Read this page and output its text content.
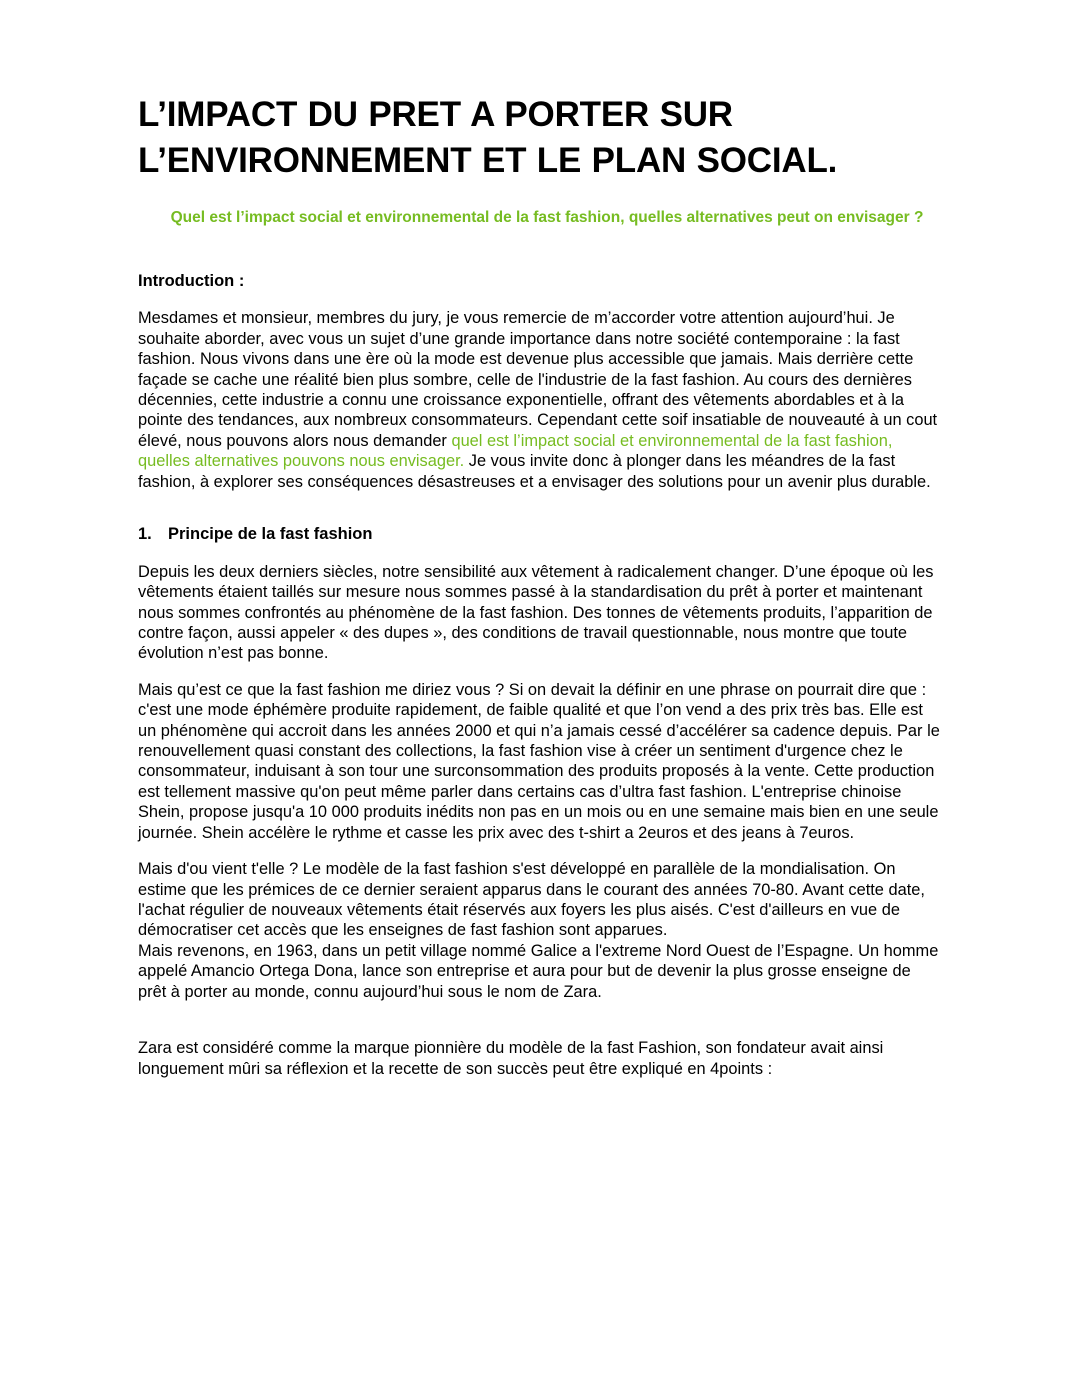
L’IMPACT DU PRET A PORTER SUR L’ENVIRONNEMENT ET LE PLAN SOCIAL.
Quel est l’impact social et environnemental de la fast fashion, quelles alternatives peut on envisager ?
Introduction :

Mesdames et monsieur, membres du jury, je vous remercie de m’accorder votre attention aujourd’hui. Je souhaite aborder, avec vous un sujet d’une grande importance dans notre société contemporaine : la fast fashion. Nous vivons dans une ère où la mode est devenue plus accessible que jamais. Mais derrière cette façade se cache une réalité bien plus sombre, celle de l'industrie de la fast fashion. Au cours des dernières décennies, cette industrie a connu une croissance exponentielle, offrant des vêtements abordables et à la pointe des tendances, aux nombreux consommateurs. Cependant cette soif insatiable de nouveauté à un cout élevé, nous pouvons alors nous demander quel est l’impact social et environnemental de la fast fashion, quelles alternatives pouvons nous envisager. Je vous invite donc à plonger dans les méandres de la fast fashion, à explorer ses conséquences désastreuses et a envisager des solutions pour un avenir plus durable.

1. Principe de la fast fashion

Depuis les deux derniers siècles, notre sensibilité aux vêtement à radicalement changer. D’une époque où les vêtements étaient taillés sur mesure nous sommes passé à la standardisation du prêt à porter et maintenant nous sommes confrontés au phénomène de la fast fashion. Des tonnes de vêtements produits, l’apparition de contre façon, aussi appeler « des dupes », des conditions de travail questionnable, nous montre que toute évolution n’est pas bonne.

Mais qu’est ce que la fast fashion me diriez vous ? Si on devait la définir en une phrase on pourrait dire que : c'est une mode éphémère produite rapidement, de faible qualité et que l’on vend a des prix très bas. Elle est un phénomène qui accroit dans les années 2000 et qui n’a jamais cessé d’accélérer sa cadence depuis. Par le renouvellement quasi constant des collections, la fast fashion vise à créer un sentiment d'urgence chez le consommateur, induisant à son tour une surconsommation des produits proposés à la vente. Cette production est tellement massive qu'on peut même parler dans certains cas d’ultra fast fashion. L'entreprise chinoise Shein, propose jusqu'a 10 000 produits inédits non pas en un mois ou en une semaine mais bien en une seule journée. Shein accélère le rythme et casse les prix avec des t-shirt a 2euros et des jeans à 7euros.

Mais d'ou vient t'elle ? Le modèle de la fast fashion s'est développé en parallèle de la mondialisation. On estime que les prémices de ce dernier seraient apparus dans le courant des années 70-80. Avant cette date, l'achat régulier de nouveaux vêtements était réservés aux foyers les plus aisés. C'est d'ailleurs en vue de démocratiser cet accès que les enseignes de fast fashion sont apparues.
Mais revenons, en 1963, dans un petit village nommé Galice a l'extreme Nord Ouest de l’Espagne. Un homme appelé Amancio Ortega Dona, lance son entreprise et aura pour but de devenir la plus grosse enseigne de prêt à porter au monde, connu aujourd’hui sous le nom de Zara.

Zara est considéré comme la marque pionnière du modèle de la fast Fashion, son fondateur avait ainsi longuement mûri sa réflexion et la recette de son succès peut être expliqué en 4points :
